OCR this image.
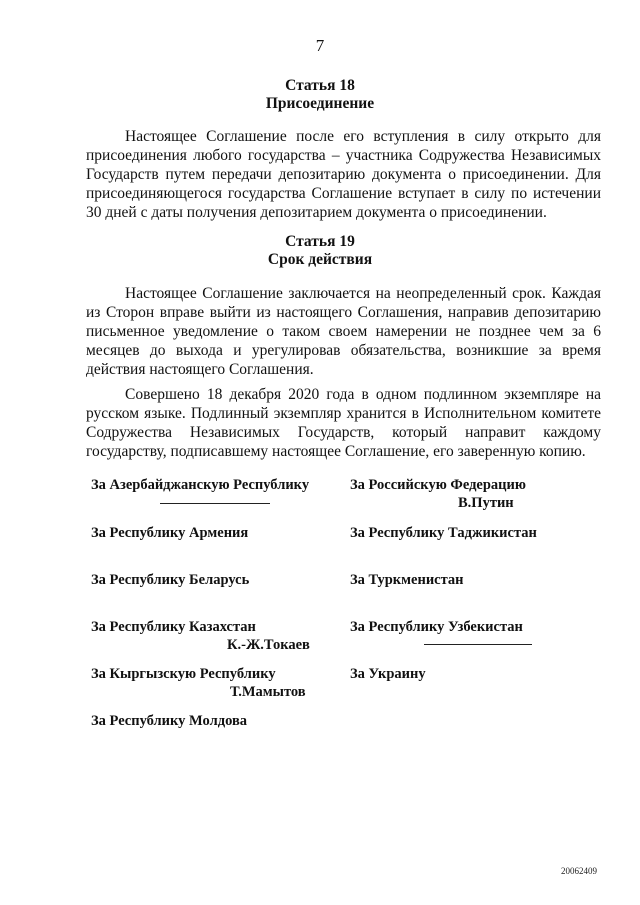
7
Статья 18
Присоединение
Настоящее Соглашение после его вступления в силу открыто для присоединения любого государства – участника Содружества Независимых Государств путем передачи депозитарию документа о присоединении. Для присоединяющегося государства Соглашение вступает в силу по истечении 30 дней с даты получения депозитарием документа о присоединении.
Статья 19
Срок действия
Настоящее Соглашение заключается на неопределенный срок. Каждая из Сторон вправе выйти из настоящего Соглашения, направив депозитарию письменное уведомление о таком своем намерении не позднее чем за 6 месяцев до выхода и урегулировав обязательства, возникшие за время действия настоящего Соглашения.
Совершено 18 декабря 2020 года в одном подлинном экземпляре на русском языке. Подлинный экземпляр хранится в Исполнительном комитете Содружества Независимых Государств, который направит каждому государству, подписавшему настоящее Соглашение, его заверенную копию.
За Азербайджанскую Республику
За Республику Армения
За Республику Беларусь
За Республику Казахстан
К.-Ж.Токаев
За Кыргызскую Республику
Т.Мамытов
За Республику Молдова
За Российскую Федерацию
В.Путин
За Республику Таджикистан
За Туркменистан
За Республику Узбекистан
За Украину
20062409
